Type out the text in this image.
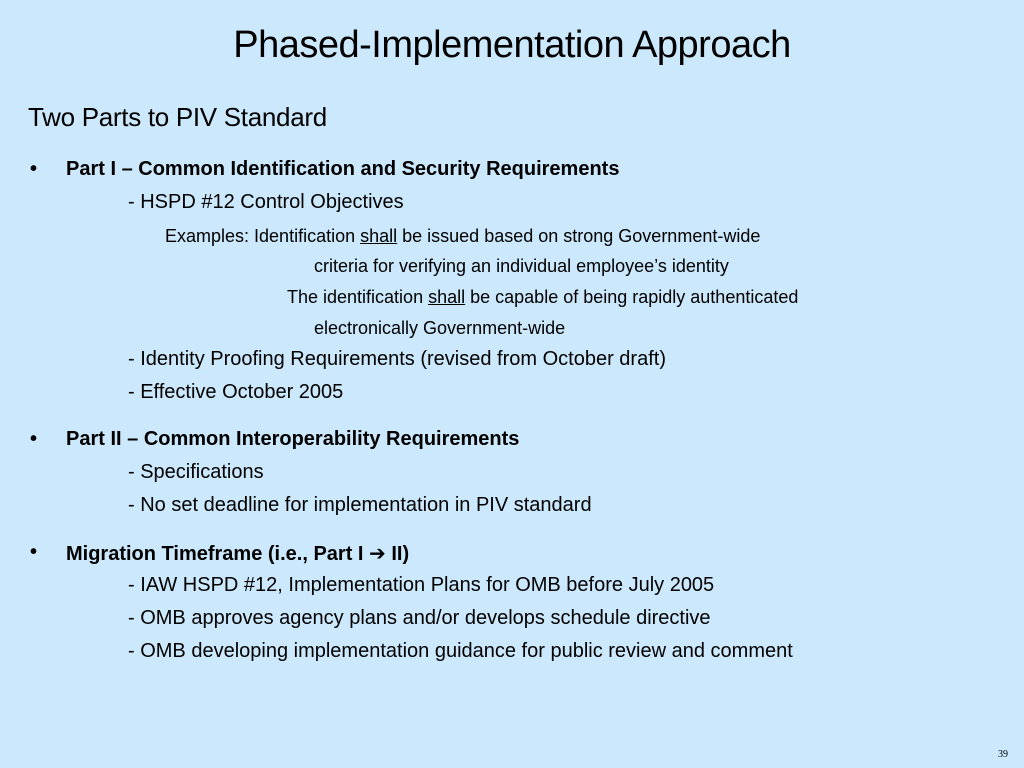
Phased-Implementation Approach
Two Parts to PIV Standard
• Part I – Common Identification and Security Requirements
- HSPD #12 Control Objectives
Examples: Identification shall be issued based on strong Government-wide
criteria for verifying an individual employee’s identity
The identification shall be capable of being rapidly authenticated
electronically Government-wide
- Identity Proofing Requirements (revised from October draft)
- Effective October 2005
• Part II – Common Interoperability Requirements
- Specifications
- No set deadline for implementation in PIV standard
• Migration Timeframe (i.e., Part I ➔ II)
- IAW HSPD #12, Implementation Plans for OMB before July 2005
- OMB approves agency plans and/or develops schedule directive
- OMB developing implementation guidance for public review and comment
39
